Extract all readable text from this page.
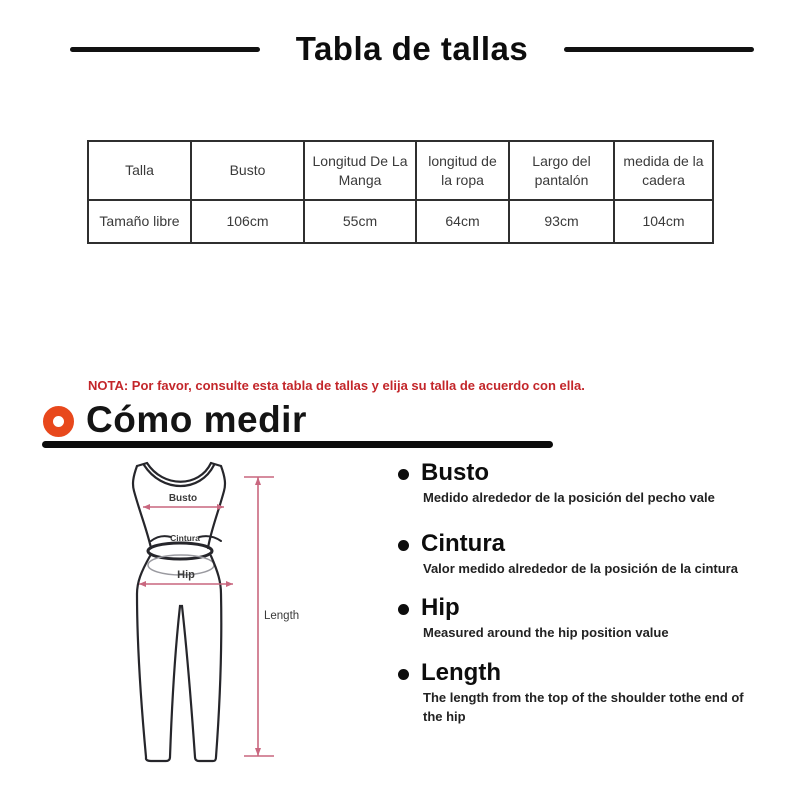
Tabla de tallas
Talla	Busto	Longitud De La Manga	longitud de la ropa	Largo del pantalón	medida de la cadera
Tamaño libre	106cm	55cm	64cm	93cm	104cm

NOTA: Por favor, consulte esta tabla de tallas y elija su talla de acuerdo con ella.

Cómo medir
Busto
Cintura
Hip
Length
Busto

Medido alrededor de la posición del pecho vale

Cintura

Valor medido alrededor de la posición de la cintura

Hip

Measured around the hip position value

Length

The length from the top of the shoulder tothe end of the hip
